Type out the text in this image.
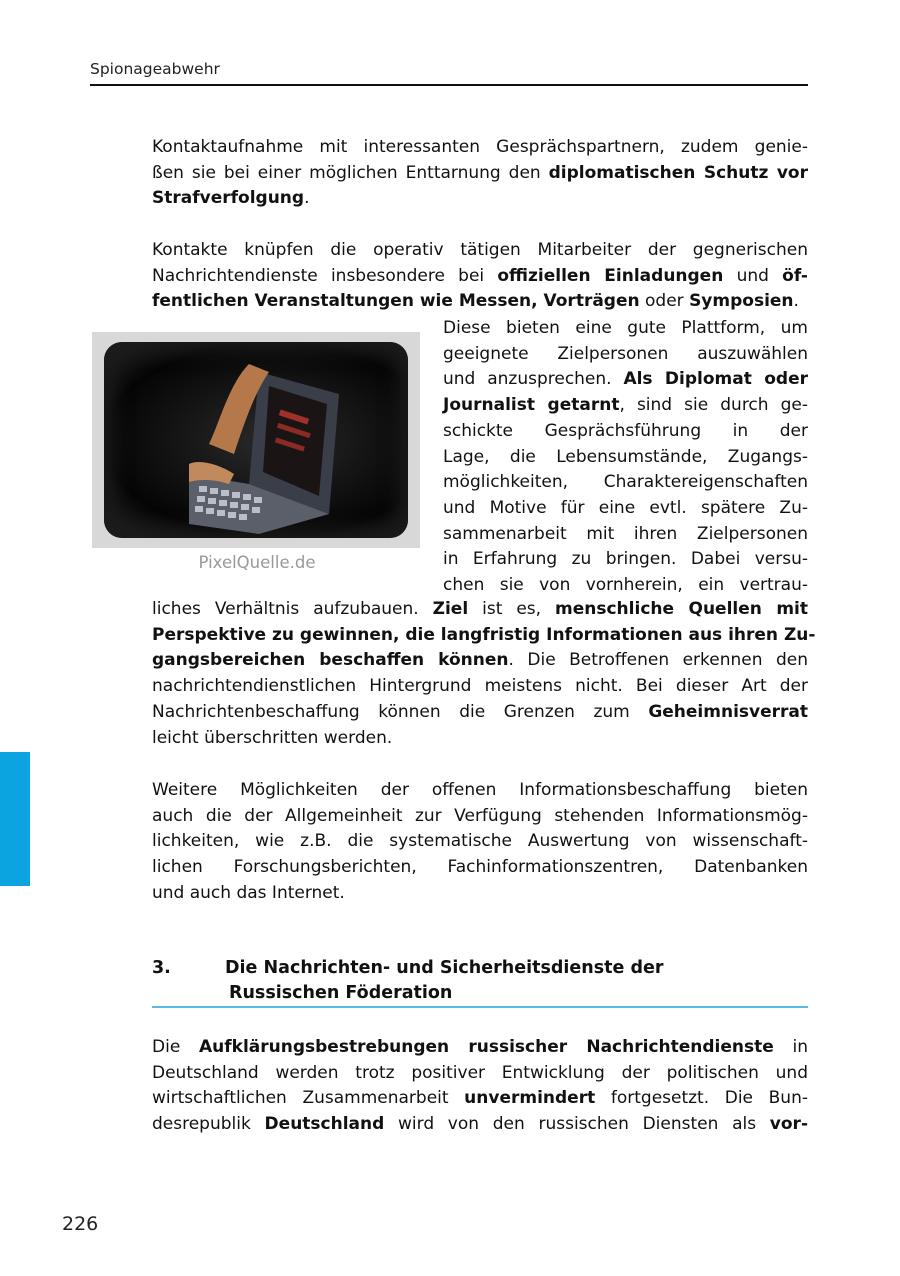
Spionageabwehr
Kontaktaufnahme mit interessanten Gesprächspartnern, zudem genie-
ßen sie bei einer möglichen Enttarnung den diplomatischen Schutz vor
Strafverfolgung.
Kontakte knüpfen die operativ tätigen Mitarbeiter der gegnerischen
Nachrichtendienste insbesondere bei offiziellen Einladungen und öf-
fentlichen Veranstaltungen wie Messen, Vorträgen oder Symposien.
Diese bieten eine gute Plattform, um
geeignete Zielpersonen auszuwählen
und anzusprechen. Als Diplomat oder
Journalist getarnt, sind sie durch ge-
schickte Gesprächsführung in der
Lage, die Lebensumstände, Zugangs-
möglichkeiten, Charaktereigenschaften
und Motive für eine evtl. spätere Zu-
sammenarbeit mit ihren Zielpersonen
in Erfahrung zu bringen. Dabei versu-
chen sie von vornherein, ein vertrau-
liches Verhältnis aufzubauen. Ziel ist es, menschliche Quellen mit
Perspektive zu gewinnen, die langfristig Informationen aus ihren Zu-
gangsbereichen beschaffen können. Die Betroffenen erkennen den
nachrichtendienstlichen Hintergrund meistens nicht. Bei dieser Art der
Nachrichtenbeschaffung können die Grenzen zum Geheimnisverrat
leicht überschritten werden.
Weitere Möglichkeiten der offenen Informationsbeschaffung bieten
auch die der Allgemeinheit zur Verfügung stehenden Informationsmög-
lichkeiten, wie z.B. die systematische Auswertung von wissenschaft-
lichen Forschungsberichten, Fachinformationszentren, Datenbanken
und auch das Internet.
Die Aufklärungsbestrebungen russischer Nachrichtendienste in
Deutschland werden trotz positiver Entwicklung der politischen und
wirtschaftlichen Zusammenarbeit unvermindert fortgesetzt. Die Bun-
desrepublik Deutschland wird von den russischen Diensten als vor-
PixelQuelle.de
3.	Die Nachrichten- und Sicherheitsdienste der
Russischen Föderation
226
